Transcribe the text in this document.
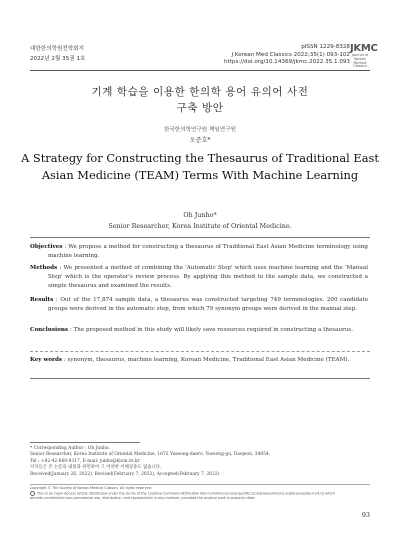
대한한의학원전학회지
2022년 2월 35권 1호
pISSN 1229-8328
J Korean Med Classics 2022;35(1) 093-102
https://doi.org/10.14369/jkmc.2022.35.1.093
JKMC
Journal of
Korean
Medical Classics
기계 학습을 이용한 한의학 용어 유의어 사전
구축 방안
한국한의학연구원 책임연구원
오준호*
A Strategy for Constructing the Thesaurus of Traditional East Asian Medicine (TEAM) Terms With Machine Learning
Oh Junho*
Senior Researcher, Korea Institute of Oriental Medicine.
Objectives : We propose a method for constructing a thesaurus of Traditional East Asian Medicine terminology using machine learning.
Methods : We presented a method of combining the 'Automatic Step' which uses machine learning and the 'Manual Step' which is the operator's review process. By applying this method to the sample data, we constructed a simple thesaurus and examined the results.
Results : Out of the 17,874 sample data, a thesaurus was constructed targeting 749 terminologies. 200 candidate groups were derived in the automatic step, from which 79 synonym groups were derived in the manual step.
Conclusions : The proposed method in this study will likely save resources required in constructing a thesaurus.
Key words : synonym, thesaurus, machine learning, Korean Medicine, Traditional East Asian Medicine (TEAM).
* Corresponding Author : Oh Junho.
Senior Researcher, Korea Institute of Oriental Medicine, 1672 Yuseong-daero, Yuseong-gu, Daejeon, 34054.
Tel : +82-42-868-9317, E-mail: junho@kiom.re.kr
저자들은 본 논문의 내용과 관련하여 그 어떠한 이해상충도 없습니다.
Received(January 26, 2022), Revised(February 7, 2022), Accepted(February 7, 2022)
Copyright © The Society of Korean Medical Classics. All rights reserved.
This is an Open-Access article distributed under the terms of the Creative Commons Attribution Non-Commercial License(http://creativecommons.org/licenses/by-nc/4.0) which
permits unrestricted non-commercial use, distribution, and reproduction in any medium, provided the original work is properly cited.
93
